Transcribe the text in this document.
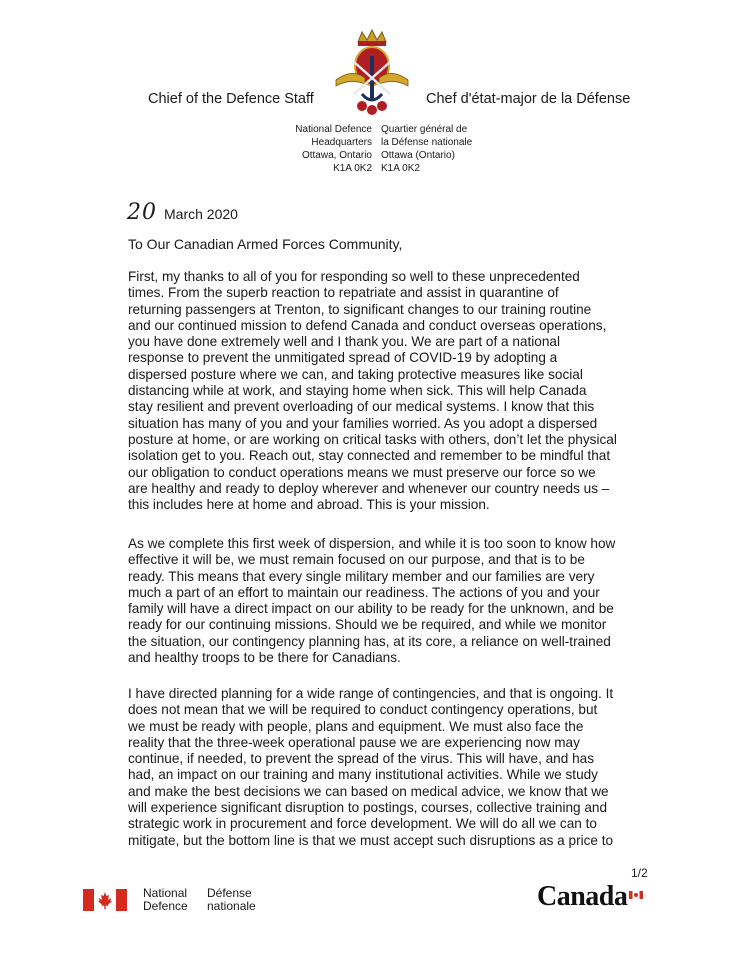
Chief of the Defence Staff	Chef d'état-major de la Défense
National Defence
Headquarters
Ottawa, Ontario
K1A 0K2
Quartier général de
la Défense nationale
Ottawa (Ontario)
K1A 0K2
20 March 2020
To Our Canadian Armed Forces Community,
First, my thanks to all of you for responding so well to these unprecedented
times. From the superb reaction to repatriate and assist in quarantine of
returning passengers at Trenton, to significant changes to our training routine
and our continued mission to defend Canada and conduct overseas operations,
you have done extremely well and I thank you. We are part of a national
response to prevent the unmitigated spread of COVID-19 by adopting a
dispersed posture where we can, and taking protective measures like social
distancing while at work, and staying home when sick. This will help Canada
stay resilient and prevent overloading of our medical systems. I know that this
situation has many of you and your families worried. As you adopt a dispersed
posture at home, or are working on critical tasks with others, don’t let the physical
isolation get to you. Reach out, stay connected and remember to be mindful that
our obligation to conduct operations means we must preserve our force so we
are healthy and ready to deploy wherever and whenever our country needs us –
this includes here at home and abroad. This is your mission.
As we complete this first week of dispersion, and while it is too soon to know how
effective it will be, we must remain focused on our purpose, and that is to be
ready. This means that every single military member and our families are very
much a part of an effort to maintain our readiness. The actions of you and your
family will have a direct impact on our ability to be ready for the unknown, and be
ready for our continuing missions. Should we be required, and while we monitor
the situation, our contingency planning has, at its core, a reliance on well-trained
and healthy troops to be there for Canadians.
I have directed planning for a wide range of contingencies, and that is ongoing. It
does not mean that we will be required to conduct contingency operations, but
we must be ready with people, plans and equipment. We must also face the
reality that the three-week operational pause we are experiencing now may
continue, if needed, to prevent the spread of the virus. This will have, and has
had, an impact on our training and many institutional activities. While we study
and make the best decisions we can based on medical advice, we know that we
will experience significant disruption to postings, courses, collective training and
strategic work in procurement and force development. We will do all we can to
mitigate, but the bottom line is that we must accept such disruptions as a price to
National
Defence
Défense
nationale
1/2
Canada
